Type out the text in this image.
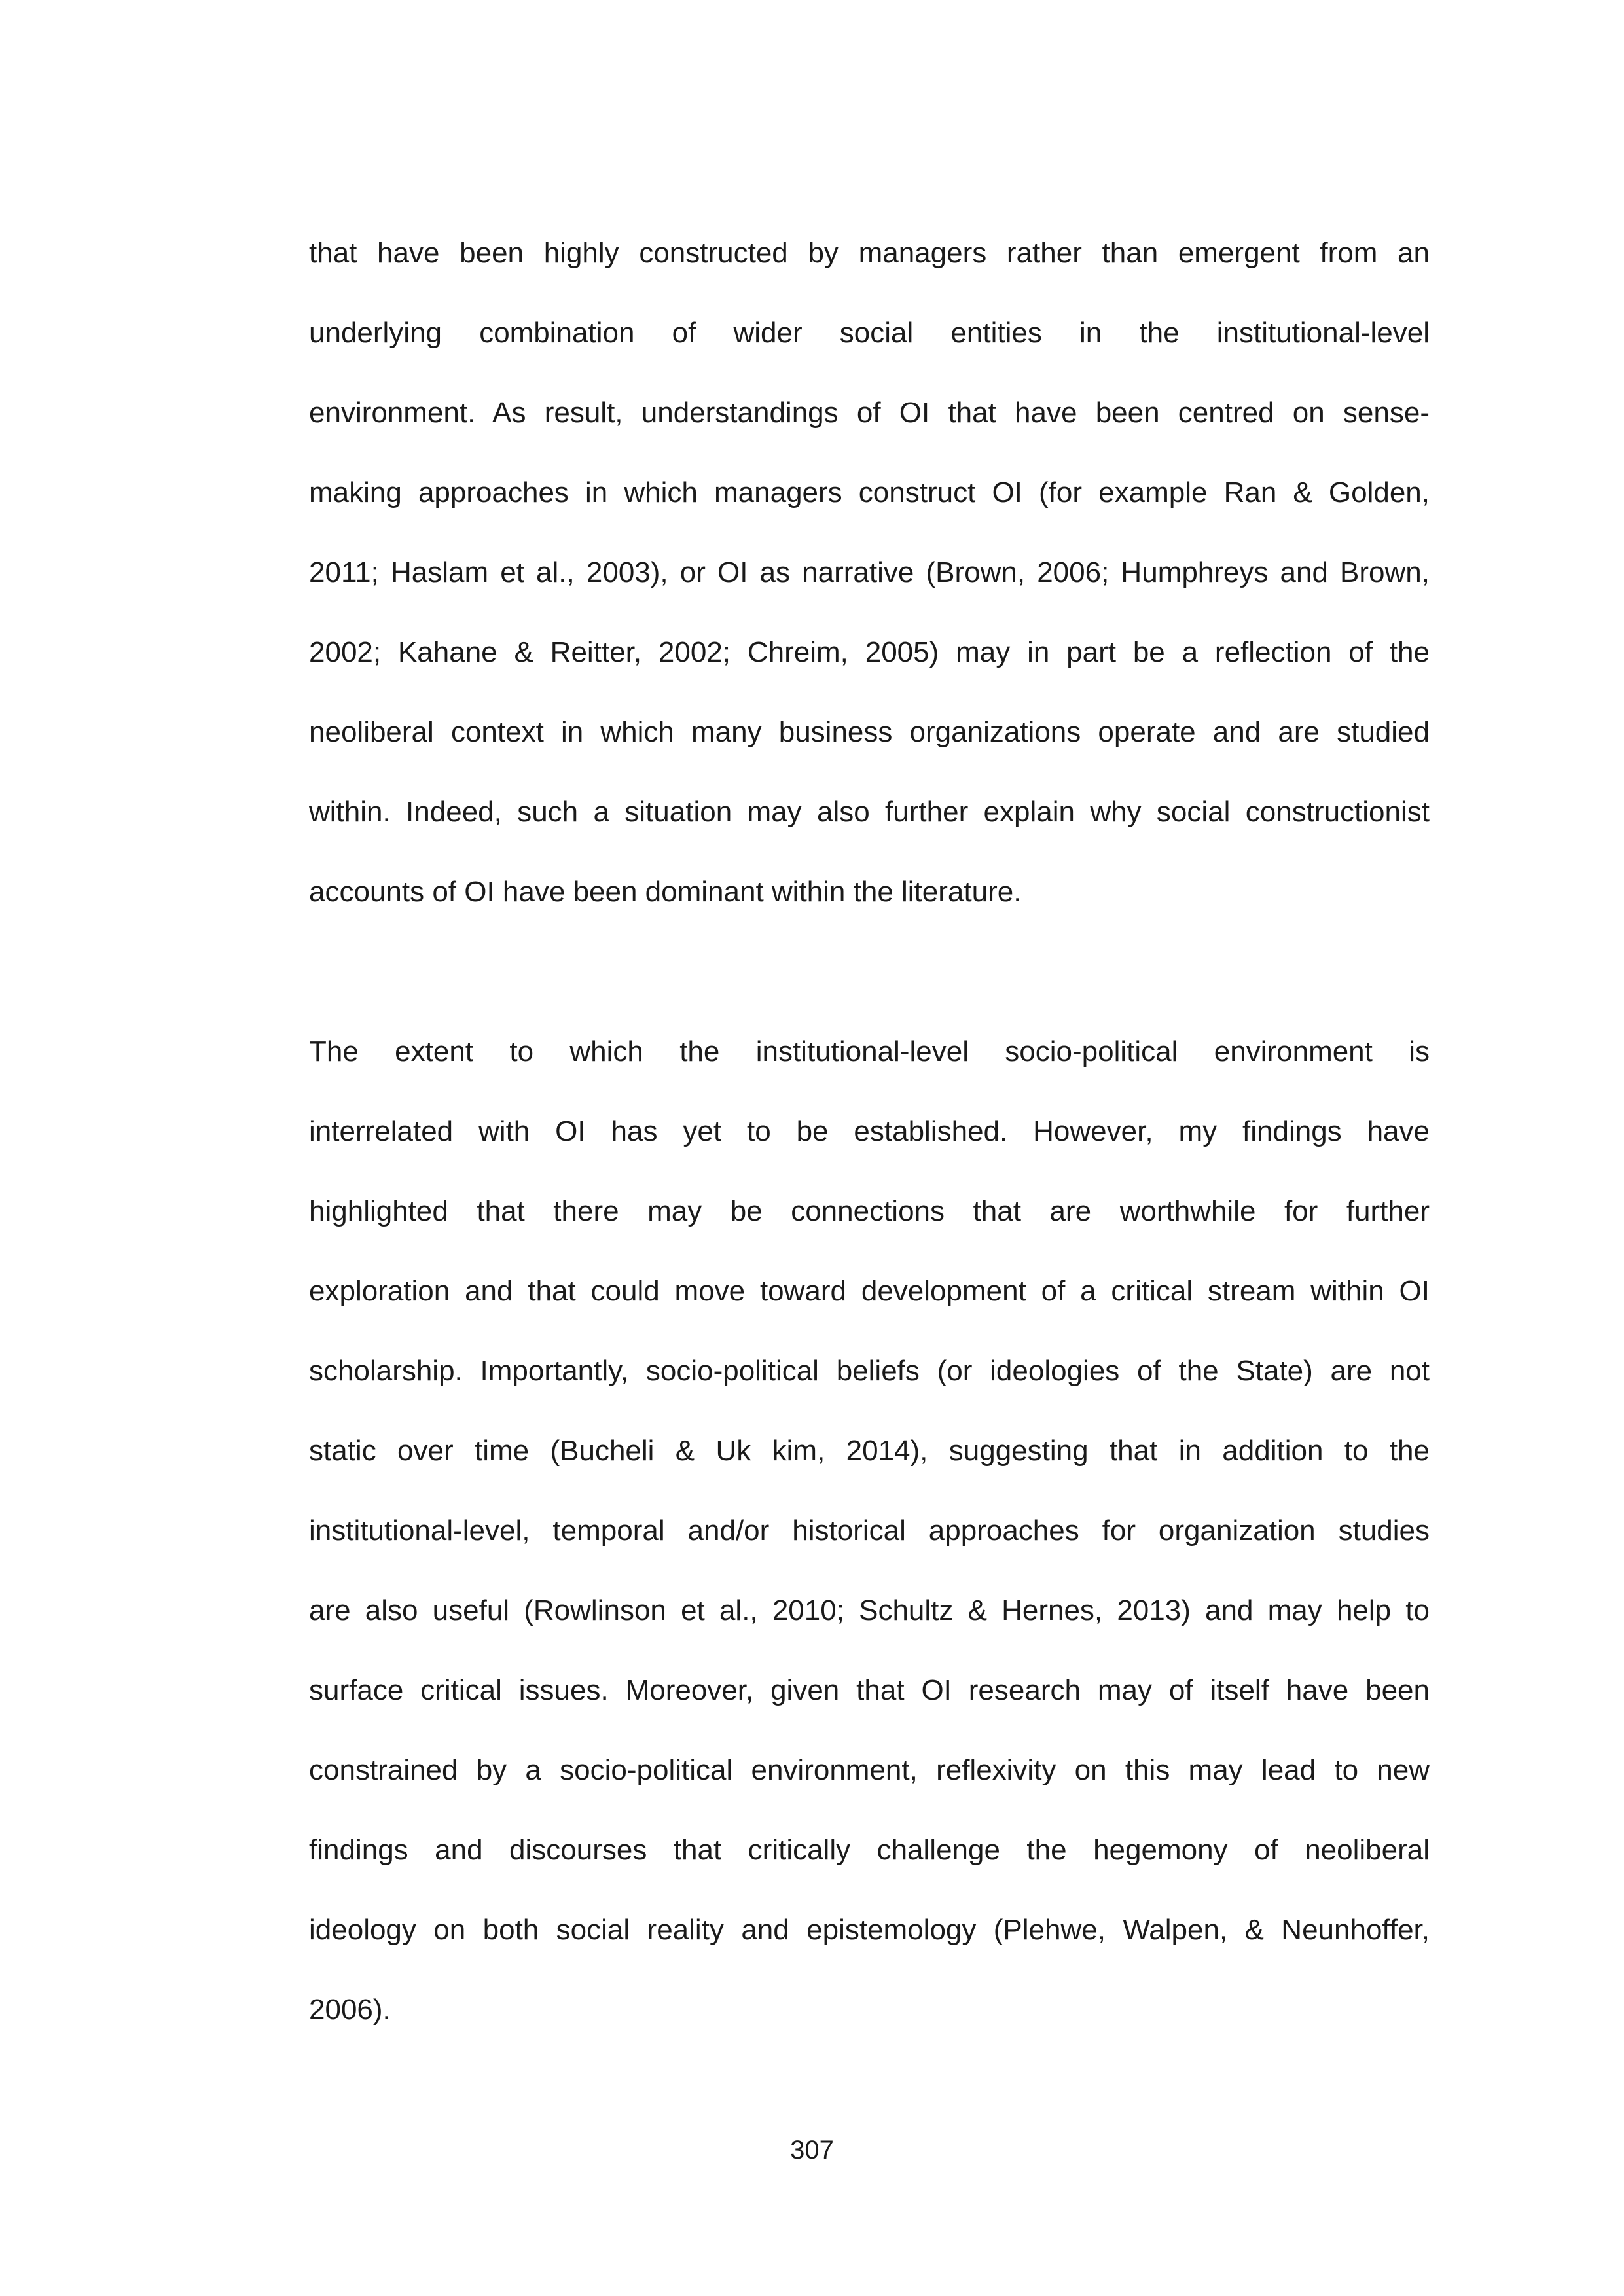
that have been highly constructed by managers rather than emergent from an
underlying combination of wider social entities in the institutional-level
environment. As result, understandings of OI that have been centred on sense-
making approaches in which managers construct OI (for example Ran & Golden,
2011; Haslam et al., 2003), or OI as narrative (Brown, 2006; Humphreys and Brown,
2002; Kahane & Reitter, 2002; Chreim, 2005) may in part be a reflection of the
neoliberal context in which many business organizations operate and are studied
within. Indeed, such a situation may also further explain why social constructionist
accounts of OI have been dominant within the literature.
The extent to which the institutional-level socio-political environment is
interrelated with OI has yet to be established. However, my findings have
highlighted that there may be connections that are worthwhile for further
exploration and that could move toward development of a critical stream within OI
scholarship. Importantly, socio-political beliefs (or ideologies of the State) are not
static over time (Bucheli & Uk kim, 2014), suggesting that in addition to the
institutional-level, temporal and/or historical approaches for organization studies
are also useful (Rowlinson et al., 2010; Schultz & Hernes, 2013) and may help to
surface critical issues. Moreover, given that OI research may of itself have been
constrained by a socio-political environment, reflexivity on this may lead to new
findings and discourses that critically challenge the hegemony of neoliberal
ideology on both social reality and epistemology (Plehwe, Walpen, & Neunhoffer,
2006).
307
